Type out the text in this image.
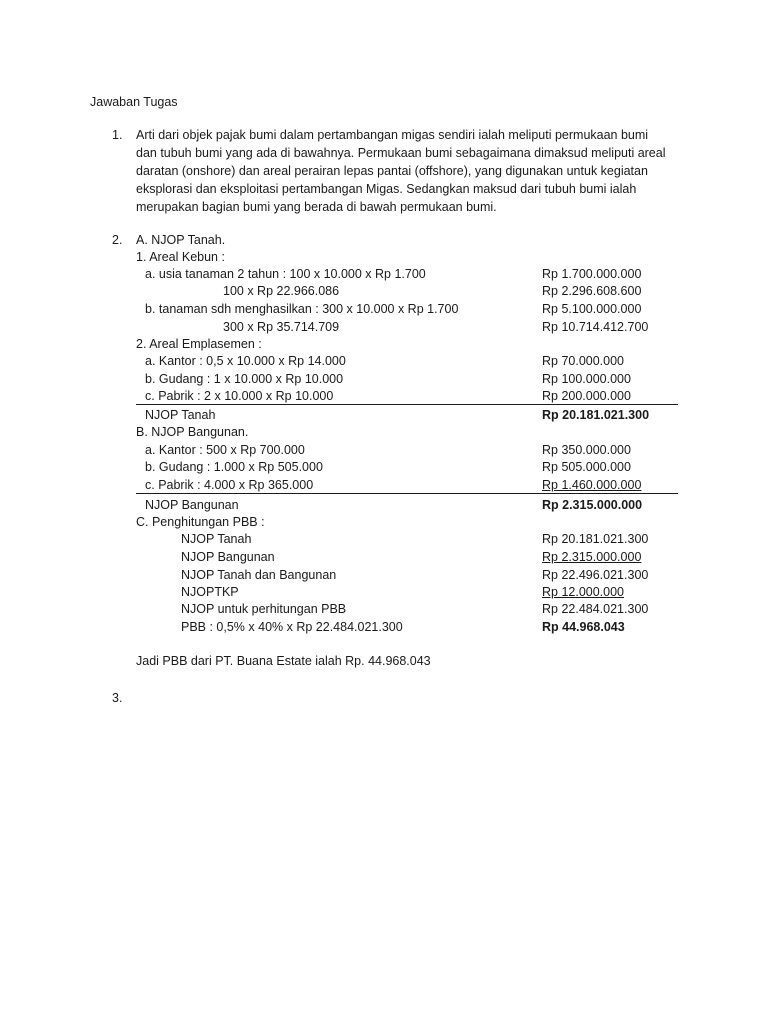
Jawaban Tugas
1. Arti dari objek pajak bumi dalam pertambangan migas sendiri ialah meliputi permukaan bumi
dan tubuh bumi yang ada di bawahnya. Permukaan bumi sebagaimana dimaksud meliputi areal
daratan (onshore) dan areal perairan lepas pantai (offshore), yang digunakan untuk kegiatan
eksplorasi dan eksploitasi pertambangan Migas. Sedangkan maksud dari tubuh bumi ialah
merupakan bagian bumi yang berada di bawah permukaan bumi.
2. A. NJOP Tanah.
1. Areal Kebun :
a. usia tanaman 2 tahun : 100 x 10.000 x Rp 1.700	Rp 1.700.000.000
100 x Rp 22.966.086	Rp 2.296.608.600
b. tanaman sdh menghasilkan : 300 x 10.000 x Rp 1.700	Rp 5.100.000.000
300 x Rp 35.714.709	Rp 10.714.412.700
2. Areal Emplasemen :
a. Kantor : 0,5 x 10.000 x Rp 14.000	Rp 70.000.000
b. Gudang : 1 x 10.000 x Rp 10.000	Rp 100.000.000
c. Pabrik : 2 x 10.000 x Rp 10.000	Rp 200.000.000
NJOP Tanah	Rp 20.181.021.300
B. NJOP Bangunan.
a. Kantor : 500 x Rp 700.000	Rp 350.000.000
b. Gudang : 1.000 x Rp 505.000	Rp 505.000.000
c. Pabrik : 4.000 x Rp 365.000	Rp 1.460.000.000
NJOP Bangunan	Rp 2.315.000.000
C. Penghitungan PBB :
NJOP Tanah	Rp 20.181.021.300
NJOP Bangunan	Rp 2.315.000.000
NJOP Tanah dan Bangunan	Rp 22.496.021.300
NJOPTKP	Rp 12.000.000
NJOP untuk perhitungan PBB	Rp 22.484.021.300
PBB : 0,5% x 40% x Rp 22.484.021.300	Rp 44.968.043
Jadi PBB dari PT. Buana Estate ialah Rp. 44.968.043
3.
